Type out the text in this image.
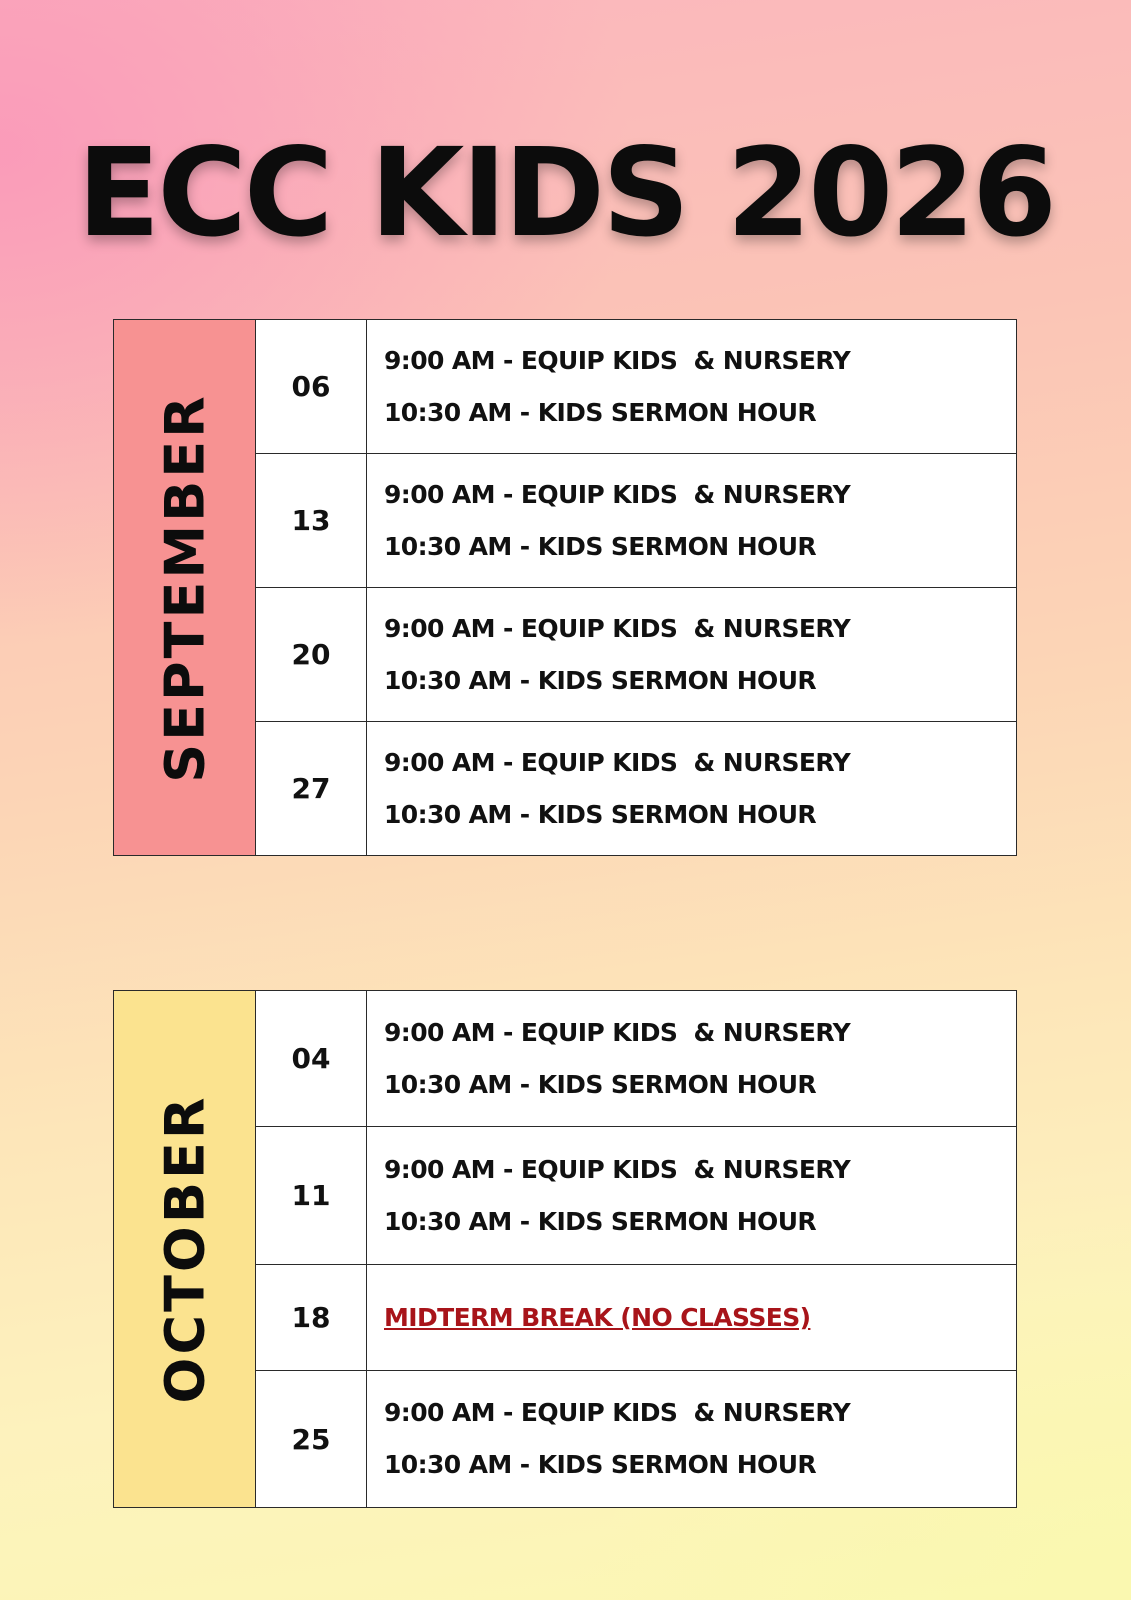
ECC KIDS 2026
SEPTEMBER
06
9:00 AM - EQUIP KIDS  & NURSERY
10:30 AM - KIDS SERMON HOUR
13
9:00 AM - EQUIP KIDS  & NURSERY
10:30 AM - KIDS SERMON HOUR
20
9:00 AM - EQUIP KIDS  & NURSERY
10:30 AM - KIDS SERMON HOUR
27
9:00 AM - EQUIP KIDS  & NURSERY
10:30 AM - KIDS SERMON HOUR
OCTOBER
04
9:00 AM - EQUIP KIDS  & NURSERY
10:30 AM - KIDS SERMON HOUR
11
9:00 AM - EQUIP KIDS  & NURSERY
10:30 AM - KIDS SERMON HOUR
18	MIDTERM BREAK (NO CLASSES)
25
9:00 AM - EQUIP KIDS  & NURSERY
10:30 AM - KIDS SERMON HOUR
